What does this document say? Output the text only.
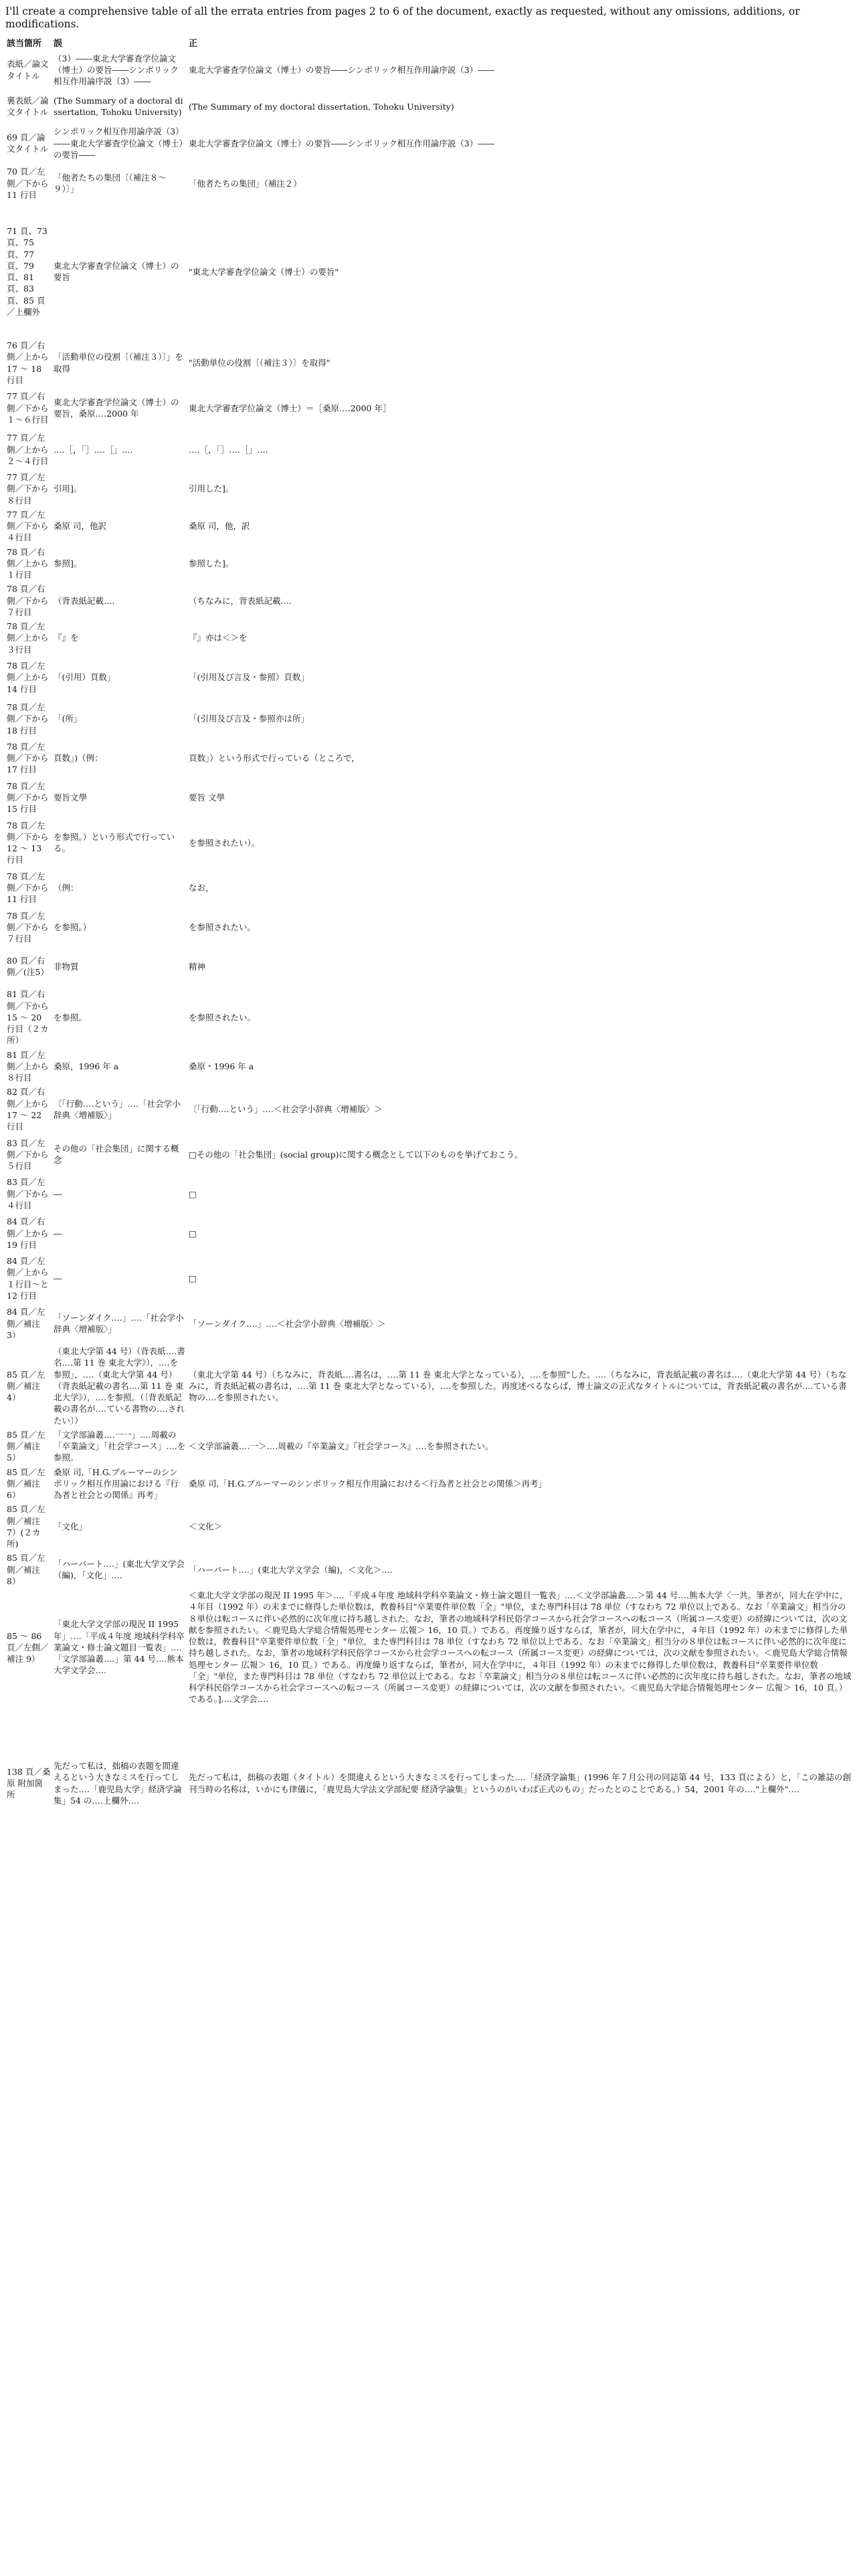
I'll create a comprehensive table of all the errata entries from pages 2 to 6 of the document, exactly as requested, without any omissions, additions, or modifications.

該当箇所	誤	正
表紙／論文タイトル	（3）――東北大学審査学位論文（博士）の要旨――シンボリック相互作用論序説（3）――	東北大学審査学位論文（博士）の要旨――シンボリック相互作用論序説（3）――
裏表紙／論文タイトル	(The Summary of a doctoral dissertation, Tohoku University)	(The Summary of my doctoral dissertation, Tohoku University)
69 頁／論文タイトル	シンボリック相互作用論序説（3）――東北大学審査学位論文（博士）の要旨――	東北大学審査学位論文（博士）の要旨――シンボリック相互作用論序説（3）――
70 頁／左側／下から 11 行目	「他者たちの集団〔（補注８～９）〕」	「他者たちの集団」（補注２）
71 頁、73 頁、75 頁、77 頁、79 頁、81 頁、83 頁、85 頁／上欄外	東北大学審査学位論文（博士）の要旨	"東北大学審査学位論文（博士）の要旨"
76 頁／右側／上から 17 ～ 18 行目	「活動単位の役割〔（補注３）〕」を取得	"活動単位の役割〔（補注３）〕を取得"
77 頁／右側／下から１～６行目	東北大学審査学位論文（博士）の要旨，桑原‥‥2000 年	東北大学審査学位論文（博士）＝［桑原‥‥2000 年］
77 頁／左側／上から２～４行目	‥‥［，「］‥‥［」‥‥	‥‥［，「］‥‥［」‥‥
77 頁／左側／下から８行目	引用]。	引用した]。
77 頁／左側／下から４行目	桑原 司，他訳	桑原 司，他，訳
78 頁／右側／上から１行目	参照]。	参照した]。
78 頁／右側／下から７行目	（背表紙記載‥‥	（ちなみに，背表紙記載‥‥
78 頁／左側／上から３行目	『』を	『』亦は＜＞を
78 頁／左側／上から 14 行目	「(引用）頁数」	「(引用及び言及・参照）頁数」
78 頁／左側／下から 18 行目	「(所」	「(引用及び言及・参照亦は所」
78 頁／左側／下から 17 行目	頁数」)（例：	頁数」）という形式で行っている（ところで，
78 頁／左側／下から 15 行目	要旨文學	要旨 文學
78 頁／左側／下から 12 ～ 13 行目	を参照。）という形式で行っている。	を参照されたい）。
78 頁／左側／下から 11 行目	（例：	なお，
78 頁／左側／下から７行目	を参照。）	を参照されたい。
80 頁／右側／(注5）	非物質	精神
81 頁／右側／下から 15 ～ 20 行目（２カ所）	を参照。	を参照されたい。
81 頁／左側／上から８行目	桑原，1996 年 a	桑原・1996 年 a
82 頁／右側／上から 17 ～ 22 行目	〔「行動‥‥という」‥‥「社会学小辞典〈増補版〉」	〔「行動‥‥という」‥‥＜社会学小辞典〈増補版〉＞
83 頁／左側／下から５行目	その他の「社会集団」に関する概念	□その他の「社会集団」(social group)に関する概念として以下のものを挙げておこう。
83 頁／左側／下から４行目	―	□
84 頁／右側／上から 19 行目	―	□
84 頁／左側／上から１行目～と 12 行目	―	□
84 頁／左側／補注 3）	「ソーンダイク‥‥」‥‥「社会学小辞典〈増補版〉」	「ソーンダイク‥‥」‥‥＜社会学小辞典〈増補版〉＞
85 頁／左側／補注 4）	（東北大学第 44 号）（背表紙‥‥書名‥‥第 11 巻 東北大学》），‥‥を参照」，‥‥（東北大学第 44 号）（背表紙記載の書名‥‥第 11 巻 東北大学》），‥‥を参照。（〔背表紙記載の書名が‥‥ている書物の‥‥されたい〕）	（東北大学第 44 号）（ちなみに，背表紙‥‥書名は，‥‥第 11 巻 東北大学となっている），‥‥を参照"した。‥‥（ちなみに，背表紙記載の書名は‥‥（東北大学第 44 号）（ちなみに，背表紙記載の書名は，‥‥第 11 巻 東北大学となっている），‥‥を参照した。再度述べるならば，博士論文の正式なタイトルについては，背表紙記載の書名が‥‥ている書物の‥‥を参照されたい。
85 頁／左側／補注 5）	「文学部論叢‥‥一一」‥‥周載の「卒業論文」「社会学コース」‥‥を参照。	＜文学部論叢‥‥一＞‥‥周載の『卒業論文』『社会学コース』‥‥を参照されたい。
85 頁／左側／補注 6）	桑原 司,「H.G.ブルーマーのシンボリック相互作用論における『行為者と社会との関係』再考」	桑原 司,「H.G.ブルーマーのシンボリック相互作用論における＜行為者と社会との関係＞再考」
85 頁／左側／補注 7）(２カ所)	「文化」	＜文化＞
85 頁／左側／補注 8）	「ハーバート‥‥」(東北大学文学会（編)，「文化」‥‥	「ハーバート‥‥」(東北大学文学会（編)，＜文化＞‥‥
85 ～ 86 頁／左側／補注 9）	「東北大学文学部の現況 II 1995 年」‥‥「平成４年度 地域科学科卒業論文・修士論文題目一覧表」‥‥「文学部論叢‥‥」第 44 号‥‥熊本大学文学会‥‥	＜東北大学文学部の現況 II 1995 年＞‥‥「平成４年度 地域科学科卒業論文・修士論文題目一覧表」‥‥＜文学部論叢‥‥＞第 44 号‥‥熊本大学〈一共。筆者が，同大在学中に，４年目（1992 年）の末までに修得した単位数は，教養科目"卒業要件単位数「全」"単位，また専門科目は 78 単位（すなわち 72 単位以上である。なお「卒業論文」相当分の８単位は転コースに伴い必然的に次年度に持ち越しされた。なお，筆者の地域科学科民俗学コースから社会学コースへの転コース（所属コース変更）の経緯については，次の文献を参照されたい。＜鹿児島大学総合情報処理センター 広報＞ 16，10 頁。）である。再度繰り返すならば，筆者が，同大在学中に，４年目（1992 年）の末までに修得した単位数は，教養科目"卒業要件単位数「全」"単位，また専門科目は 78 単位（すなわち 72 単位以上である。なお「卒業論文」相当分の８単位は転コースに伴い必然的に次年度に持ち越しされた。なお，筆者の地域科学科民俗学コースから社会学コースへの転コース（所属コース変更）の経緯については，次の文献を参照されたい。＜鹿児島大学総合情報処理センター 広報＞ 16，10 頁。）である。再度繰り返すならば，筆者が，同大在学中に，４年目（1992 年）の末までに修得した単位数は，教養科目"卒業要件単位数「全」"単位，また専門科目は 78 単位（すなわち 72 単位以上である。なお「卒業論文」相当分の８単位は転コースに伴い必然的に次年度に持ち越しされた。なお，筆者の地域科学科民俗学コースから社会学コースへの転コース（所属コース変更）の経緯については，次の文献を参照されたい。＜鹿児島大学総合情報処理センター 広報＞ 16，10 頁。）である。]‥‥文学会‥‥
138 頁／桑原 附加箇所	先だって私は，拙稿の表題を間違えるという大きなミスを行ってしまった‥‥「鹿児島大学」経済学論集」54 の‥‥上欄外‥‥	先だって私は，拙稿の表題（タイトル）を間違えるという大きなミスを行ってしまった‥‥「経済学論集」(1996 年７月公刊の同誌第 44 号，133 頁による）と，「この雑誌の創刊当時の名称は，いかにも律儀に，「鹿児島大学法文学部紀要 経済学論集」というのがいわば正式のもの」だったとのことである。）54，2001 年の‥‥"上欄外"‥‥
